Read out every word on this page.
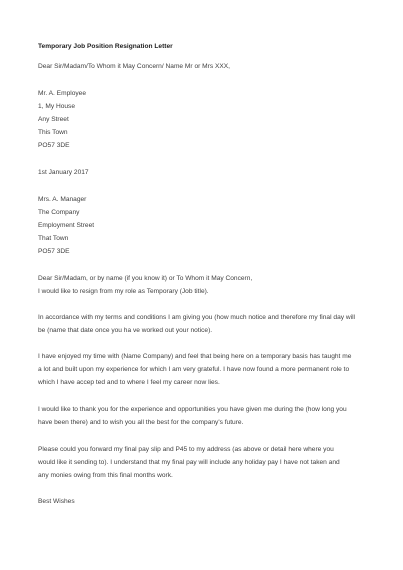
Temporary Job Position Resignation Letter
Dear Sir/Madam/To Whom it May Concern/ Name Mr or Mrs XXX,
Mr. A. Employee
1, My House
Any Street
This Town
PO57 3DE
1st January 2017
Mrs. A. Manager
The Company
Employment Street
That Town
PO57 3DE
Dear Sir/Madam, or by name (if you know it) or To Whom it May Concern,
I would like to resign from my role as Temporary (Job title).
In accordance with my terms and conditions I am giving you (how much notice and therefore my final day will
be (name that date once you ha ve worked out your notice).
I have enjoyed my time with (Name Company) and feel that being here on a temporary basis has taught me
a lot and built upon my experience for which I am very grateful. I have now found a more permanent role to
which I have accep ted and to where I feel my career now lies.
I would like to thank you for the experience and opportunities you have given me during the (how long you
have been there) and to wish you all the best for the company's future.
Please could you forward my final pay slip and P45 to my address (as above or detail here where you
would like it sending to). I understand that my final pay will include any holiday pay I have not taken and
any monies owing from this final months work.
Best Wishes
